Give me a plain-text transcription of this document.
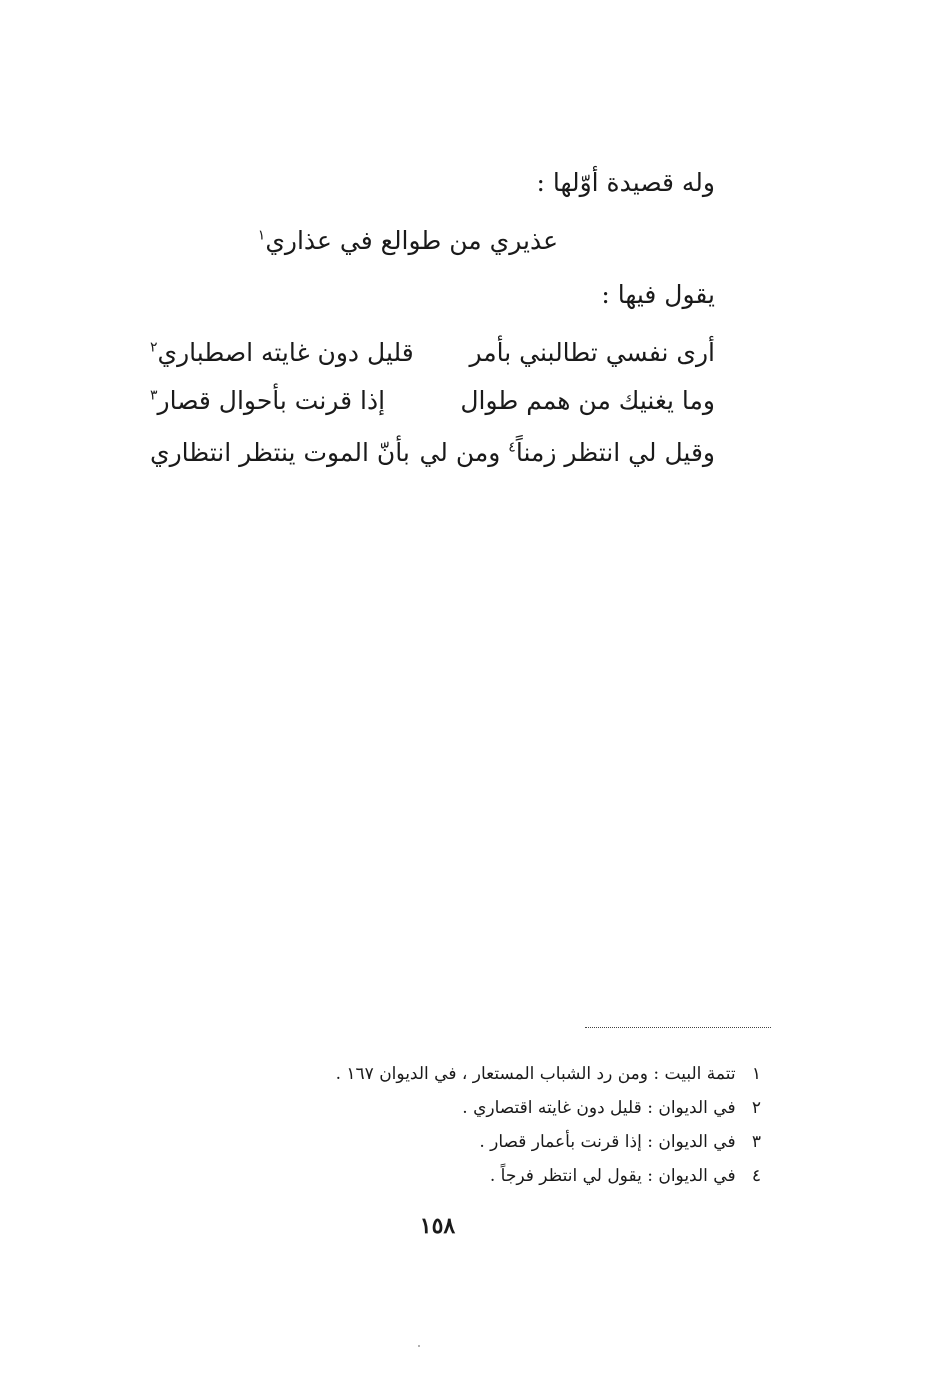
وله قصيدة أوّلها :
عذيري من طوالع في عذاري$^١$
يقول فيها :
أرى نفسي تطالبني بأمر
قليل دون غايته اصطباري$^٢$
وما يغنيك من همم طوال
إذا قرنت بأحوال قصار$^٣$
وقيل لي انتظر زمناً$^٤$ ومن لي
بأنّ الموت ينتظر انتظاري
١ تتمة البيت : ومن رد الشباب المستعار ، في الديوان ١٦٧ .
٢ في الديوان : قليل دون غايته اقتصاري .
٣ في الديوان : إذا قرنت بأعمار قصار .
٤ في الديوان : يقول لي انتظر فرجاً .
١٥٨
